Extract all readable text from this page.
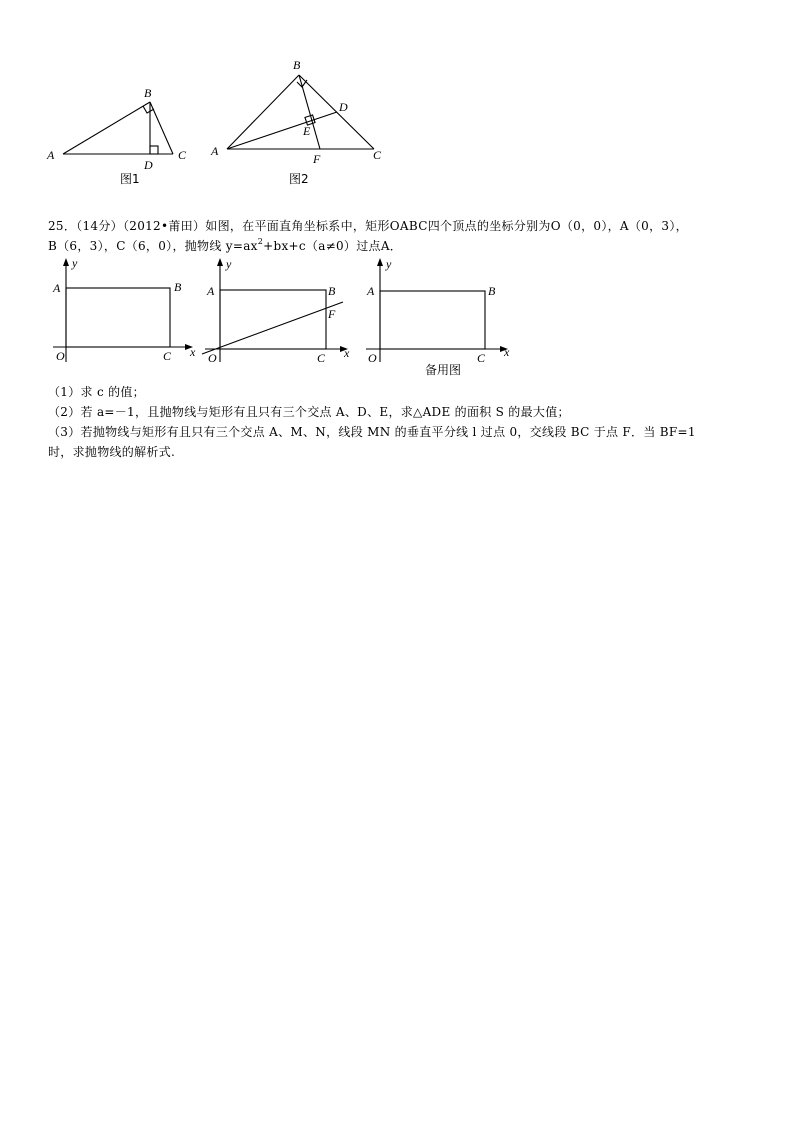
A
B
C
D
图1
A
B
C
D
E
F
图2

25．（14分）（2012•莆田）如图，在平面直角坐标系中，矩形OABC四个顶点的坐标分别为O（0，0），A（0，3），

B（6，3），C（6，0），抛物线 $y=ax^2+bx+c(a\ne 0)$过点A．

y
x
A	B
C
O
y
x
A	B
F
C
O
y
x
A	B
C
O
备用图

（1）求 c 的值；

（2）若 a=－1，且抛物线与矩形有且只有三个交点 A、D、E，求△ADE 的面积 S 的最大值；

（3）若抛物线与矩形有且只有三个交点 A、M、N，线段 MN 的垂直平分线 l 过点 0，交线段 BC 于点 F．当 BF=1

时，求抛物线的解析式.
